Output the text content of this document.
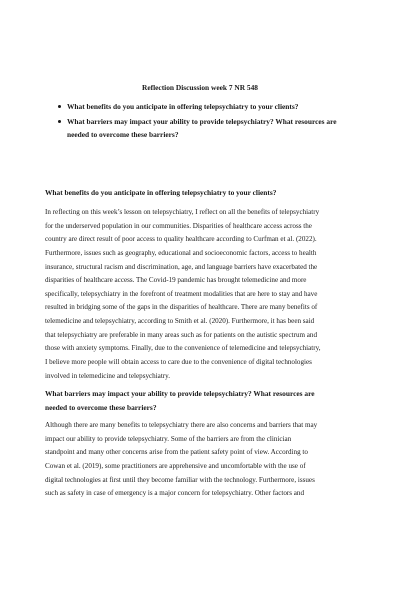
Reflection Discussion week 7 NR 548
What benefits do you anticipate in offering telepsychiatry to your clients?
What barriers may impact your ability to provide telepsychiatry? What resources are needed to overcome these barriers?
What benefits do you anticipate in offering telepsychiatry to your clients?
In reflecting on this week’s lesson on telepsychiatry, I reflect on all the benefits of telepsychiatry
for the underserved population in our communities. Disparities of healthcare access across the
country are direct result of poor access to quality healthcare according to Curfman et al. (2022).
Furthermore, issues such as geography, educational and socioeconomic factors, access to health
insurance, structural racism and discrimination, age, and language barriers have exacerbated the
disparities of healthcare access. The Covid-19 pandemic has brought telemedicine and more
specifically, telepsychiatry in the forefront of treatment modalities that are here to stay and have
resulted in bridging some of the gaps in the disparities of healthcare. There are many benefits of
telemedicine and telepsychiatry, according to Smith et al. (2020). Furthermore, it has been said
that telepsychiatry are preferable in many areas such as for patients on the autistic spectrum and
those with anxiety symptoms. Finally, due to the convenience of telemedicine and telepsychiatry,
I believe more people will obtain access to care due to the convenience of digital technologies
involved in telemedicine and telepsychiatry.
What barriers may impact your ability to provide telepsychiatry? What resources are
needed to overcome these barriers?
Although there are many benefits to telepsychiatry there are also concerns and barriers that may
impact our ability to provide telepsychiatry. Some of the barriers are from the clinician
standpoint and many other concerns arise from the patient safety point of view. According to
Cowan et al. (2019), some practitioners are apprehensive and uncomfortable with the use of
digital technologies at first until they become familiar with the technology. Furthermore, issues
such as safety in case of emergency is a major concern for telepsychiatry. Other factors and
